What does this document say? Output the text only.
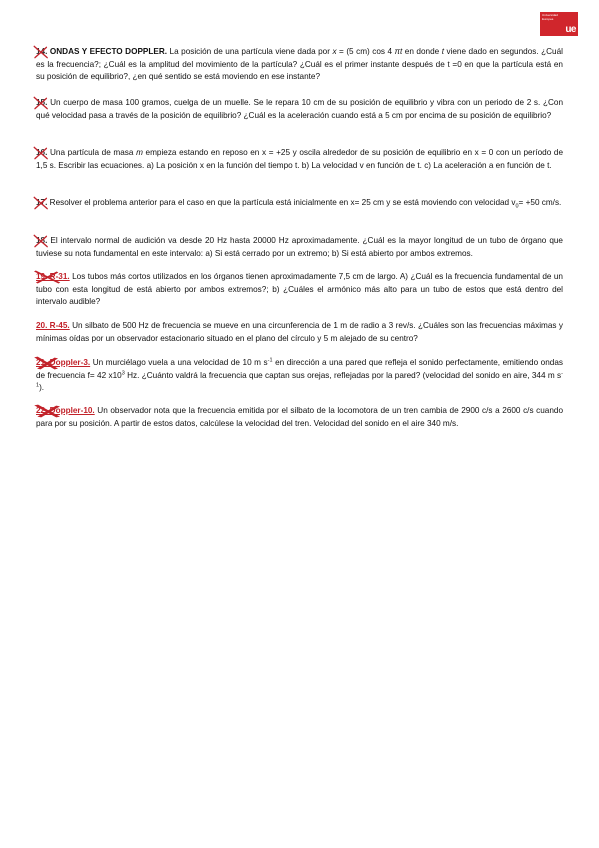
Universidad
Europea
ue
14.
ONDAS Y EFECTO DOPPLER. La posición de una partícula viene dada por x = (5 cm) cos 4 πt en donde t viene dado en segundos. ¿Cuál es la frecuencia?; ¿Cuál es la amplitud del movimiento de la partícula? ¿Cuál es el primer instante después de t =0 en que la partícula está en su posición de equilibrio?, ¿en qué sentido se está moviendo en ese instante?
15.
Un cuerpo de masa 100 gramos, cuelga de un muelle. Se le repara 10 cm de su posición de equilibrio y vibra con un periodo de 2 s. ¿Con qué velocidad pasa a través de la posición de equilibrio? ¿Cuál es la aceleración cuando está a 5 cm por encima de su posición de equilibrio?
16.
Una partícula de masa m empieza estando en reposo en x = +25 y oscila alrededor de su posición de equilibrio en x = 0 con un período de 1,5 s. Escribir las ecuaciones. a) La posición x en la función del tiempo t. b) La velocidad v en función de t. c) La aceleración a en función de t.
17.
Resolver el problema anterior para el caso en que la partícula está inicialmente en x= 25 cm y se está moviendo con velocidad $v_0= +50$ cm/s.
18.
El intervalo normal de audición va desde 20 Hz hasta 20000 Hz aproximadamente. ¿Cuál es la mayor longitud de un tubo de órgano que tuviese su nota fundamental en este intervalo: a) Si está cerrado por un extremo; b) Si está abierto por ambos extremos.
19. R-31.
Los tubos más cortos utilizados en los órganos tienen aproximadamente 7,5 cm de largo. A) ¿Cuál es la frecuencia fundamental de un tubo con esta longitud de está abierto por ambos extremos?; b) ¿Cuáles el armónico más alto para un tubo de estos que está dentro del intervalo audible?
20. R-45. Un silbato de 500 Hz de frecuencia se mueve en una circunferencia de 1 m de radio a 3 rev/s. ¿Cuáles son las frecuencias máximas y mínimas oídas por un observador estacionario situado en el plano del círculo y 5 m alejado de su centro?
21. Doppler-3.
Un murciélago vuela a una velocidad de 10 m $s^{-1}$ en dirección a una pared que refleja el sonido perfectamente, emitiendo ondas de frecuencia f= 42 $x10^3$ Hz. ¿Cuánto valdrá la frecuencia que captan sus orejas, reflejadas por la pared? (velocidad del sonido en aire, 344 m $s^{-1}$).
22. Doppler-10.
Un observador nota que la frecuencia emitida por el silbato de la locomotora de un tren cambia de 2900 c/s a 2600 c/s cuando para por su posición. A partir de estos datos, calcúlese la velocidad del tren. Velocidad del sonido en el aire 340 m/s.
